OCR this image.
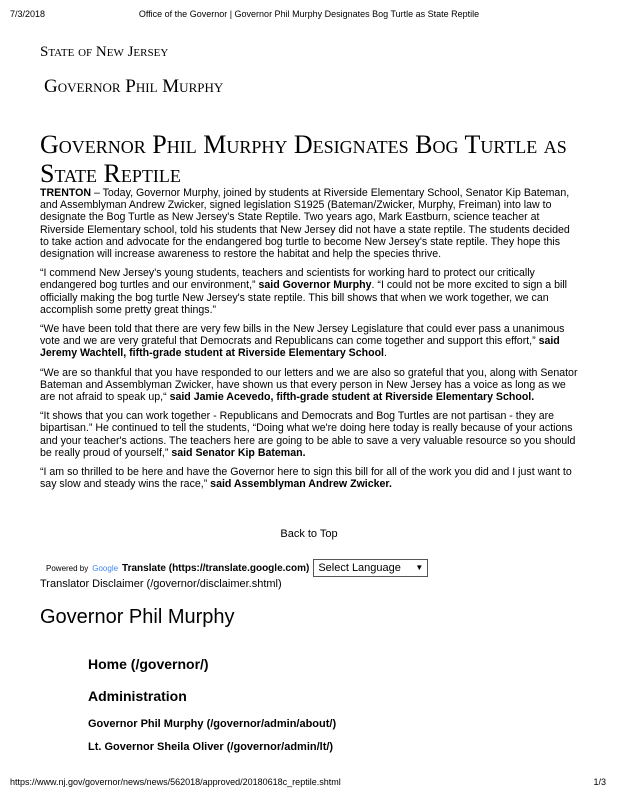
7/3/2018	Office of the Governor | Governor Phil Murphy Designates Bog Turtle as State Reptile
State of New Jersey
Governor Phil Murphy
Governor Phil Murphy Designates Bog Turtle as State Reptile

TRENTON – Today, Governor Murphy, joined by students at Riverside Elementary School, Senator Kip Bateman, and Assemblyman Andrew Zwicker, signed legislation S1925 (Bateman/Zwicker, Murphy, Freiman) into law to designate the Bog Turtle as New Jersey's State Reptile. Two years ago, Mark Eastburn, science teacher at Riverside Elementary school, told his students that New Jersey did not have a state reptile. The students decided to take action and advocate for the endangered bog turtle to become New Jersey's state reptile. They hope this designation will increase awareness to restore the habitat and help the species thrive.

“I commend New Jersey's young students, teachers and scientists for working hard to protect our critically endangered bog turtles and our environment,” said Governor Murphy. “I could not be more excited to sign a bill officially making the bog turtle New Jersey's state reptile. This bill shows that when we work together, we can accomplish some pretty great things.”

“We have been told that there are very few bills in the New Jersey Legislature that could ever pass a unanimous vote and we are very grateful that Democrats and Republicans can come together and support this effort,” said Jeremy Wachtell, fifth-grade student at Riverside Elementary School.

“We are so thankful that you have responded to our letters and we are also so grateful that you, along with Senator Bateman and Assemblyman Zwicker, have shown us that every person in New Jersey has a voice as long as we are not afraid to speak up,“ said Jamie Acevedo, fifth-grade student at Riverside Elementary School.

“It shows that you can work together - Republicans and Democrats and Bog Turtles are not partisan - they are bipartisan.” He continued to tell the students, “Doing what we're doing here today is really because of your actions and your teacher's actions. The teachers here are going to be able to save a very valuable resource so you should be really proud of yourself,” said Senator Kip Bateman.

“I am so thrilled to be here and have the Governor here to sign this bill for all of the work you did and I just want to say slow and steady wins the race,” said Assemblyman Andrew Zwicker.

Back to Top
Powered by Google Translate (https://translate.google.com) Select Language ▼
Translator Disclaimer (/governor/disclaimer.shtml)
Governor Phil Murphy
Home (/governor/)
Administration
Governor Phil Murphy (/governor/admin/about/)
Lt. Governor Sheila Oliver (/governor/admin/lt/)
https://www.nj.gov/governor/news/news/562018/approved/20180618c_reptile.shtml	1/3
